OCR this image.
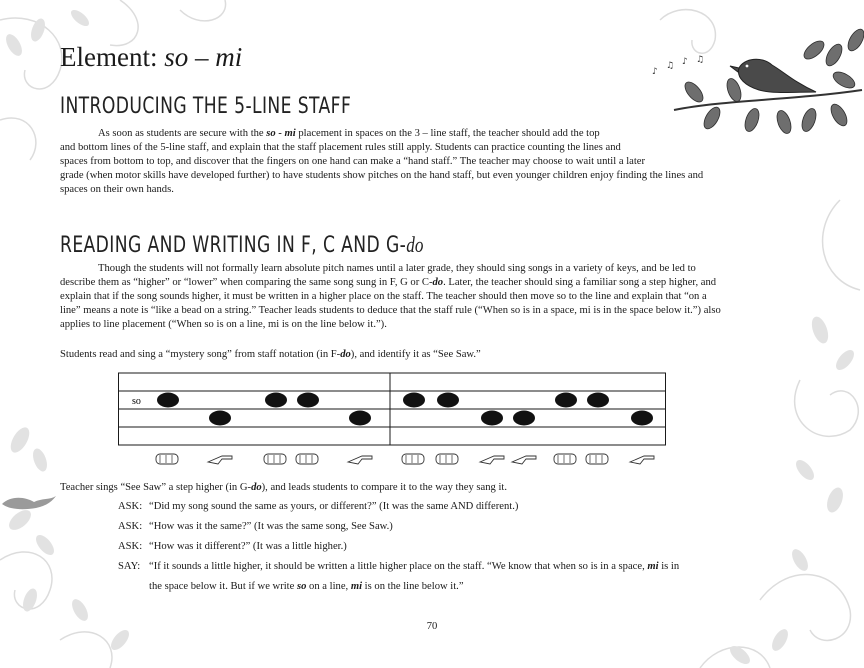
♪
♫ ♪ ♫
Element: so – mi
INTRODUCING THE 5-LINE STAFF

As soon as students are secure with the so - mi placement in spaces on the 3 – line staff, the teacher should add the top
and bottom lines of the 5-line staff, and explain that the staff placement rules still apply. Students can practice counting the lines and
spaces from bottom to top, and discover that the fingers on one hand can make a “hand staff.” The teacher may choose to wait until a later
grade (when motor skills have developed further) to have students show pitches on the hand staff, but even younger children enjoy finding the lines and
spaces on their own hands.

READING AND WRITING IN F, C AND G-do

Though the students will not formally learn absolute pitch names until a later grade, they should sing songs in a variety of keys, and be led to
describe them as “higher” or “lower” when comparing the same song sung in F, G or C-do. Later, the teacher should sing a familiar song a step higher, and
explain that if the song sounds higher, it must be written in a higher place on the staff. The teacher should then move so to the line and explain that “on a
line” means a note is “like a bead on a string.” Teacher leads students to deduce that the staff rule (“When so is in a space, mi is in the space below it.”) also
applies to line placement (“When so is on a line, mi is on the line below it.”).

Students read and sing a “mystery song” from staff notation (in F-do), and identify it as “See Saw.”

so

Teacher sings “See Saw” a step higher (in G-do), and leads students to compare it to the way they sang it.

ASK: “Did my song sound the same as yours, or different?” (It was the same AND different.)

ASK: “How was it the same?” (It was the same song, See Saw.)

ASK: “How was it different?” (It was a little higher.)

SAY: “If it sounds a little higher, it should be written a little higher place on the staff. “We know that when so is in a space, mi is in

the space below it. But if we write so on a line, mi is on the line below it.”

70
